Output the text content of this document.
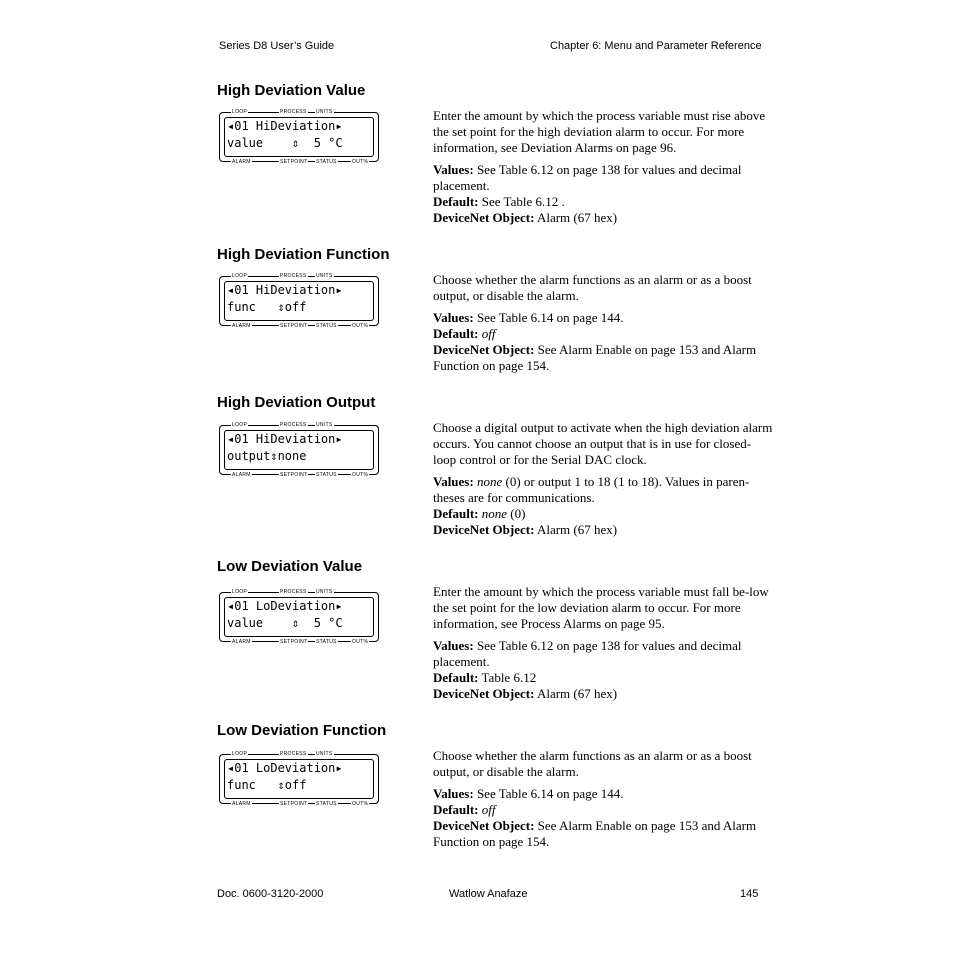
Series D8 User’s Guide	Chapter 6: Menu and Parameter Reference
High Deviation Value
LOOP	PROCESS UNITS
ALARM	SETPOINT STATUS	OUT%
◂01 HiDeviation▸
value    ⇕  5 °C

Enter the amount by which the process variable must rise above the set point for the high deviation alarm to occur. For more information, see Deviation Alarms on page 96.

Values: See Table 6.12 on page 138 for values and decimal placement.

Default: See Table 6.12 .

DeviceNet Object: Alarm (67 hex)

High Deviation Function
LOOP	PROCESS UNITS
ALARM	SETPOINT STATUS	OUT%
◂01 HiDeviation▸
func   ⇕off

Choose whether the alarm functions as an alarm or as a boost output, or disable the alarm.

Values: See Table 6.14 on page 144.

Default: off

DeviceNet Object: See Alarm Enable on page 153 and Alarm Function on page 154.

High Deviation Output
LOOP	PROCESS UNITS
ALARM	SETPOINT STATUS	OUT%
◂01 HiDeviation▸
output⇕none

Choose a digital output to activate when the high deviation alarm occurs. You cannot choose an output that is in use for closed-loop control or for the Serial DAC clock.

Values: none (0) or output 1 to 18 (1 to 18). Values in paren-theses are for communications.

Default: none (0)

DeviceNet Object: Alarm (67 hex)

Low Deviation Value
LOOP	PROCESS UNITS
ALARM	SETPOINT STATUS	OUT%
◂01 LoDeviation▸
value    ⇕  5 °C

Enter the amount by which the process variable must fall be-low the set point for the low deviation alarm to occur. For more information, see Process Alarms on page 95.

Values: See Table 6.12 on page 138 for values and decimal placement.

Default: Table 6.12

DeviceNet Object: Alarm (67 hex)

Low Deviation Function
LOOP	PROCESS UNITS
ALARM	SETPOINT STATUS	OUT%
◂01 LoDeviation▸
func   ⇕off

Choose whether the alarm functions as an alarm or as a boost output, or disable the alarm.

Values: See Table 6.14 on page 144.

Default: off

DeviceNet Object: See Alarm Enable on page 153 and Alarm Function on page 154.

Doc. 0600-3120-2000	Watlow Anafaze	145
